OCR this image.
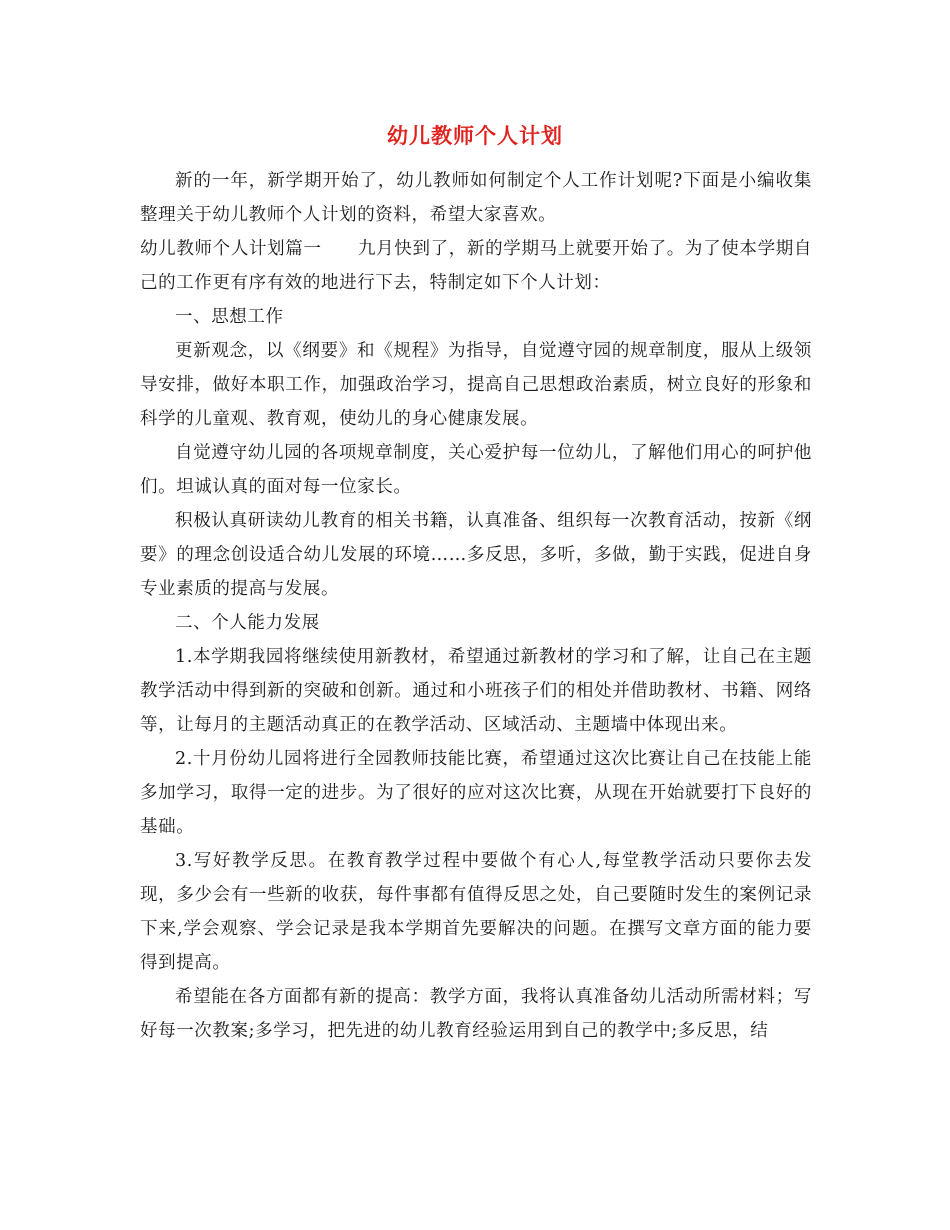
幼儿教师个人计划

新的一年，新学期开始了，幼儿教师如何制定个人工作计划呢?下面是小编收集整理关于幼儿教师个人计划的资料，希望大家喜欢。

幼儿教师个人计划篇一　　九月快到了，新的学期马上就要开始了。为了使本学期自己的工作更有序有效的地进行下去，特制定如下个人计划：

一、思想工作

更新观念，以《纲要》和《规程》为指导，自觉遵守园的规章制度，服从上级领导安排，做好本职工作，加强政治学习，提高自己思想政治素质，树立良好的形象和科学的儿童观、教育观，使幼儿的身心健康发展。

自觉遵守幼儿园的各项规章制度，关心爱护每一位幼儿，了解他们用心的呵护他们。坦诚认真的面对每一位家长。

积极认真研读幼儿教育的相关书籍，认真准备、组织每一次教育活动，按新《纲要》的理念创设适合幼儿发展的环境……多反思，多听，多做，勤于实践，促进自身专业素质的提高与发展。

二、个人能力发展

1.本学期我园将继续使用新教材，希望通过新教材的学习和了解，让自己在主题教学活动中得到新的突破和创新。通过和小班孩子们的相处并借助教材、书籍、网络等，让每月的主题活动真正的在教学活动、区域活动、主题墙中体现出来。

2.十月份幼儿园将进行全园教师技能比赛，希望通过这次比赛让自己在技能上能多加学习，取得一定的进步。为了很好的应对这次比赛，从现在开始就要打下良好的基础。

3.写好教学反思。在教育教学过程中要做个有心人,每堂教学活动只要你去发现，多少会有一些新的收获，每件事都有值得反思之处，自己要随时发生的案例记录下来,学会观察、学会记录是我本学期首先要解决的问题。在撰写文章方面的能力要得到提高。

希望能在各方面都有新的提高：教学方面，我将认真准备幼儿活动所需材料；写好每一次教案;多学习，把先进的幼儿教育经验运用到自己的教学中;多反思，结
